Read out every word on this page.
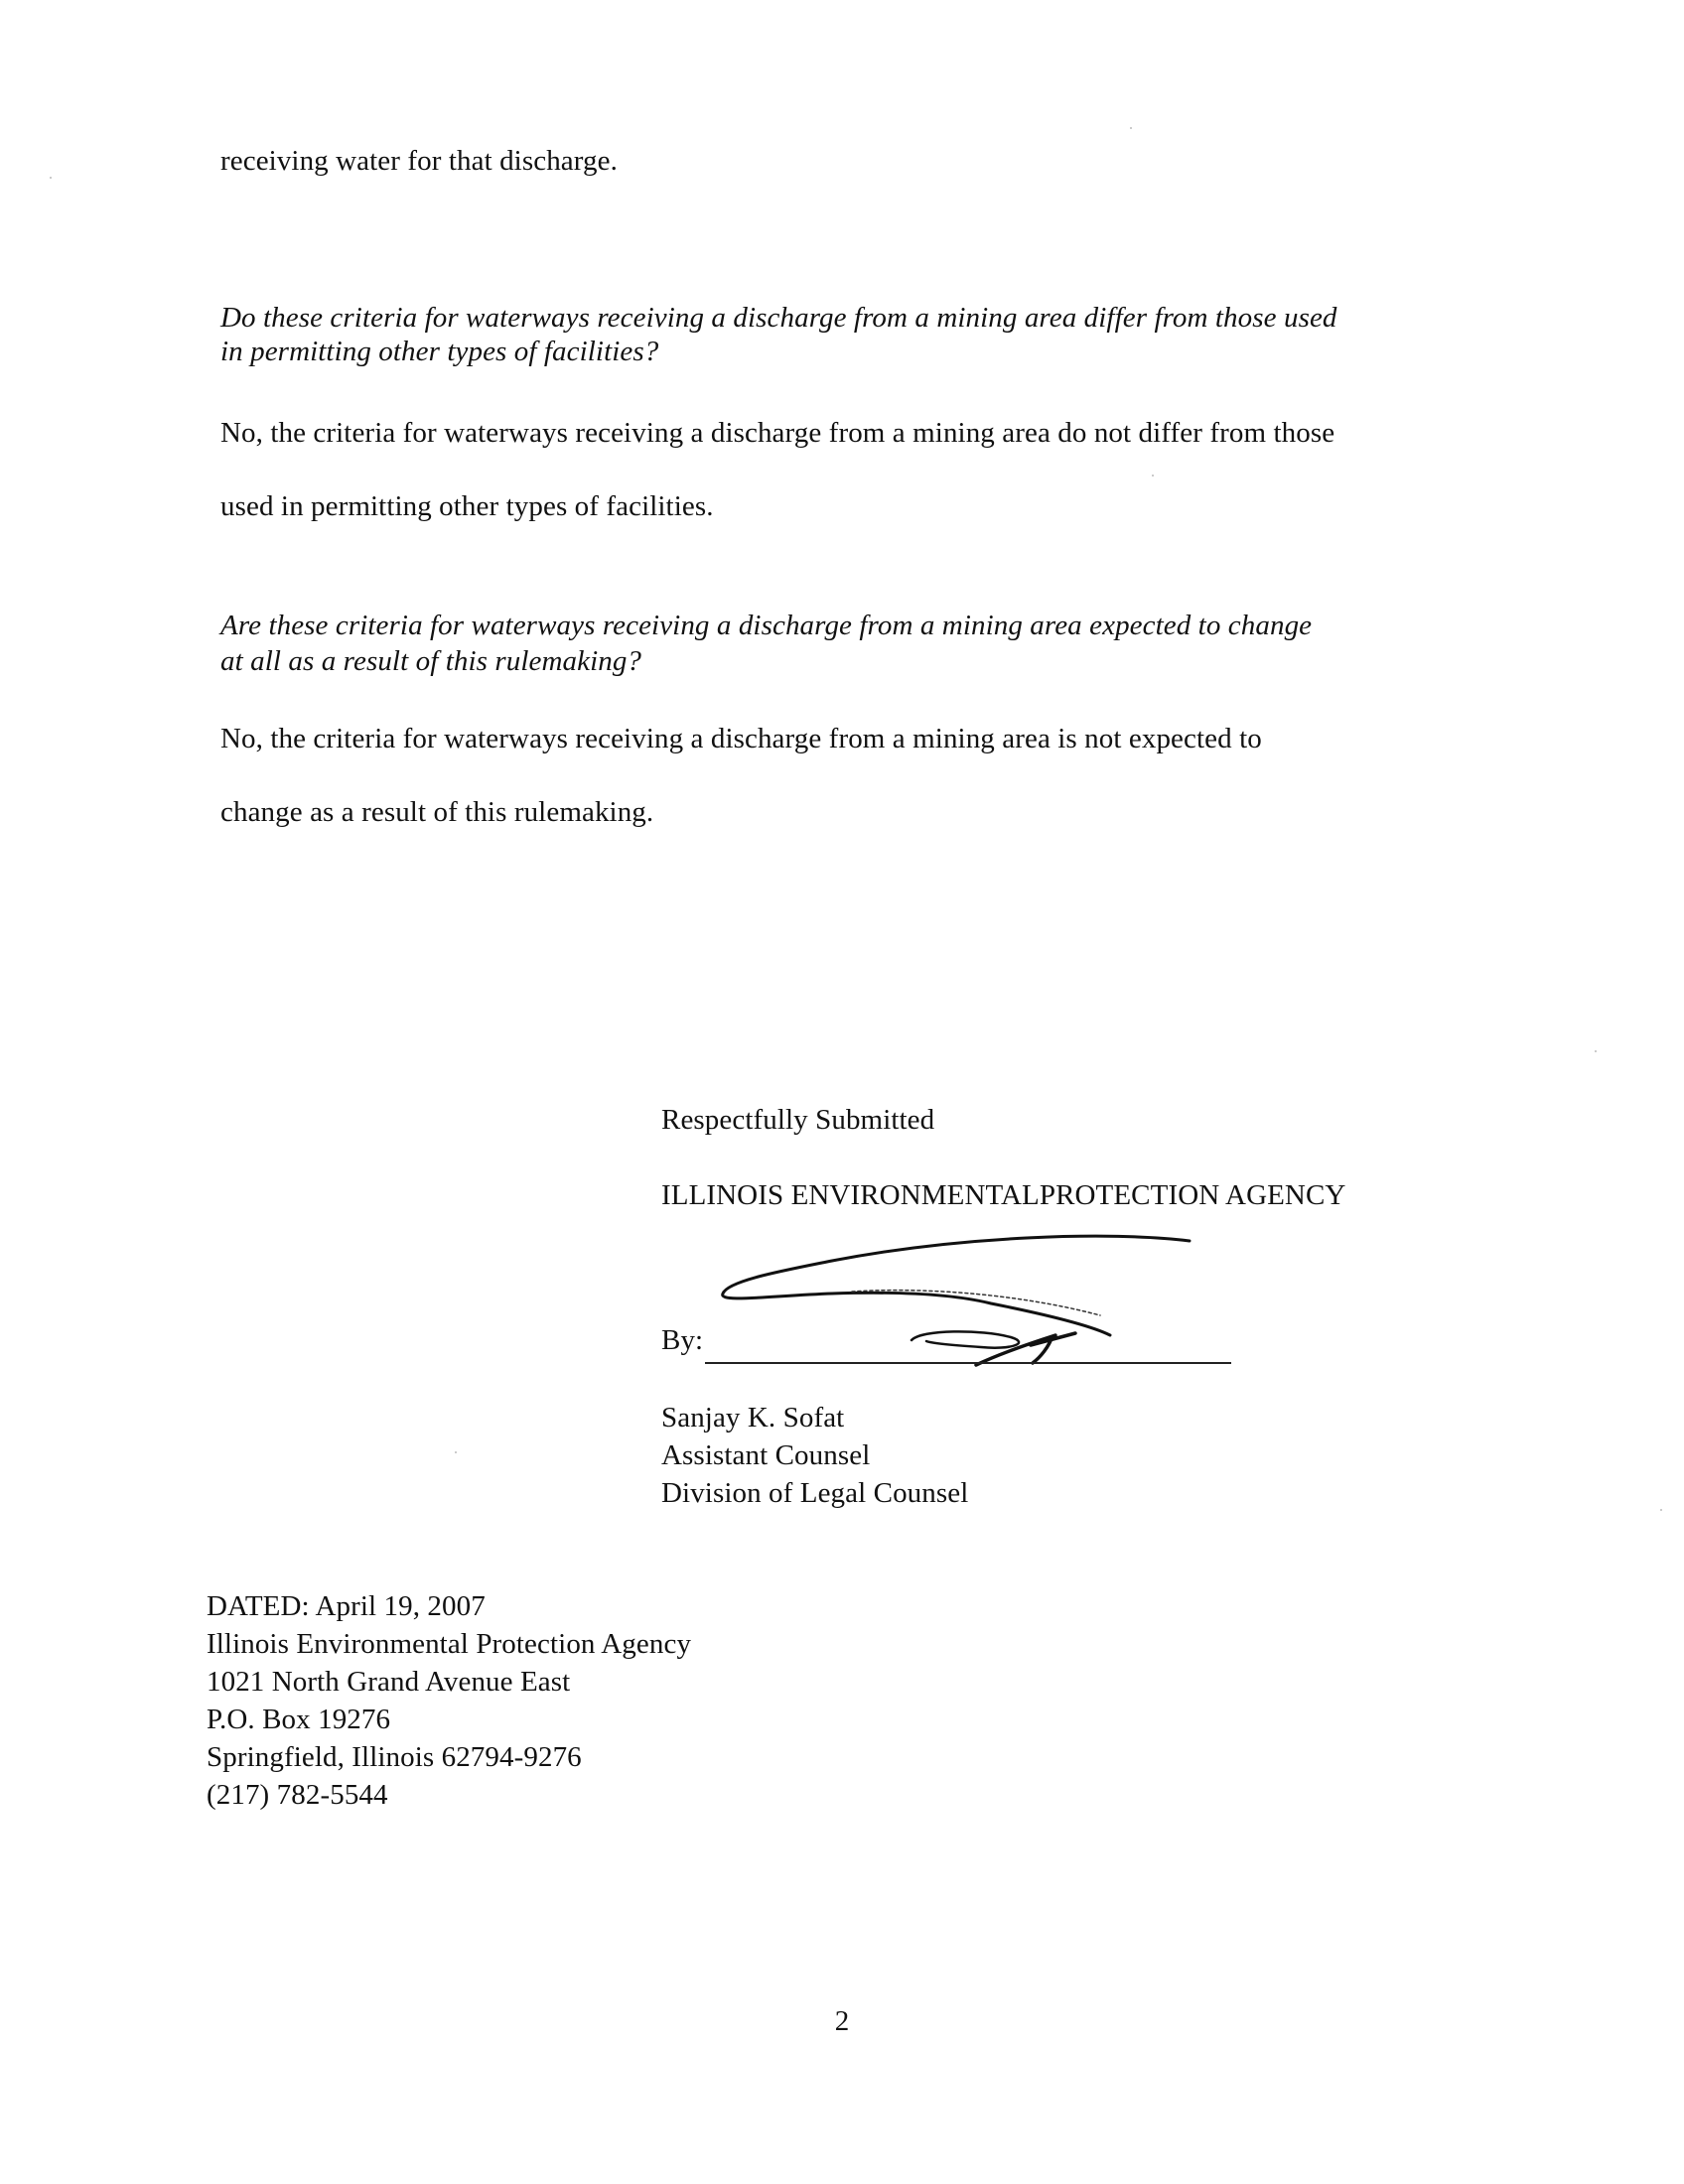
receiving water for that discharge.

Do these criteria for waterways receiving a discharge from a mining area differ from those used

in permitting other types of facilities?

No, the criteria for waterways receiving a discharge from a mining area do not differ from those

used in permitting other types of facilities.

Are these criteria for waterways receiving a discharge from a mining area expected to change

at all as a result of this rulemaking?

No, the criteria for waterways receiving a discharge from a mining area is not expected to

change as a result of this rulemaking.

Respectfully Submitted

ILLINOIS ENVIRONMENTALPROTECTION AGENCY

By:

Sanjay K. Sofat

Assistant Counsel

Division of Legal Counsel

DATED: April 19, 2007

Illinois Environmental Protection Agency

1021 North Grand Avenue East

P.O. Box 19276

Springfield, Illinois 62794-9276

(217) 782-5544

2
